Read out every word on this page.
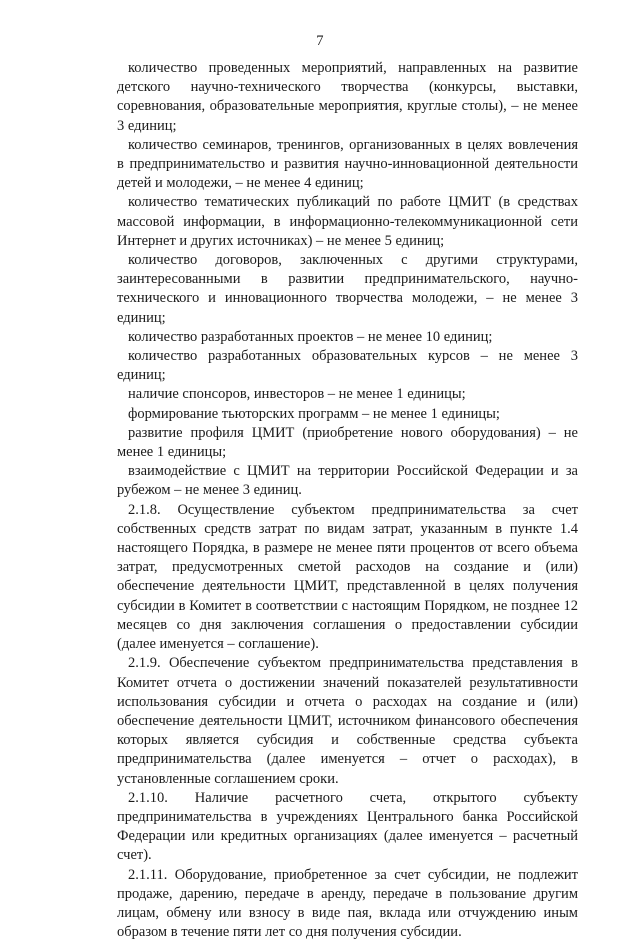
7

количество проведенных мероприятий, направленных на развитие детского научно-технического творчества (конкурсы, выставки, соревнования, образовательные мероприятия, круглые столы), – не менее 3 единиц;

количество семинаров, тренингов, организованных в целях вовлечения в предпринимательство и развития научно-инновационной деятельности детей и молодежи, – не менее 4 единиц;

количество тематических публикаций по работе ЦМИТ (в средствах массовой информации, в информационно-телекоммуникационной сети Интернет и других источниках) – не менее 5 единиц;

количество договоров, заключенных с другими структурами, заинтересованными в развитии предпринимательского, научно-технического и инновационного творчества молодежи, – не менее 3 единиц;

количество разработанных проектов – не менее 10 единиц;

количество разработанных образовательных курсов – не менее 3 единиц;

наличие спонсоров, инвесторов – не менее 1 единицы;

формирование тьюторских программ – не менее 1 единицы;

развитие профиля ЦМИТ (приобретение нового оборудования) – не менее 1 единицы;

взаимодействие с ЦМИТ на территории Российской Федерации и за рубежом – не менее 3 единиц.

2.1.8. Осуществление субъектом предпринимательства за счет собственных средств затрат по видам затрат, указанным в пункте 1.4 настоящего Порядка, в размере не менее пяти процентов от всего объема затрат, предусмотренных сметой расходов на создание и (или) обеспечение деятельности ЦМИТ, представленной в целях получения субсидии в Комитет в соответствии с настоящим Порядком, не позднее 12 месяцев со дня заключения соглашения о предоставлении субсидии (далее именуется – соглашение).

2.1.9. Обеспечение субъектом предпринимательства представления в Комитет отчета о достижении значений показателей результативности использования субсидии и отчета о расходах на создание и (или) обеспечение деятельности ЦМИТ, источником финансового обеспечения которых является субсидия и собственные средства субъекта предпринимательства (далее именуется – отчет о расходах), в установленные соглашением сроки.

2.1.10. Наличие расчетного счета, открытого субъекту предпринимательства в учреждениях Центрального банка Российской Федерации или кредитных организациях (далее именуется – расчетный счет).

2.1.11. Оборудование, приобретенное за счет субсидии, не подлежит продаже, дарению, передаче в аренду, передаче в пользование другим лицам, обмену или взносу в виде пая, вклада или отчуждению иным образом в течение пяти лет со дня получения субсидии.
